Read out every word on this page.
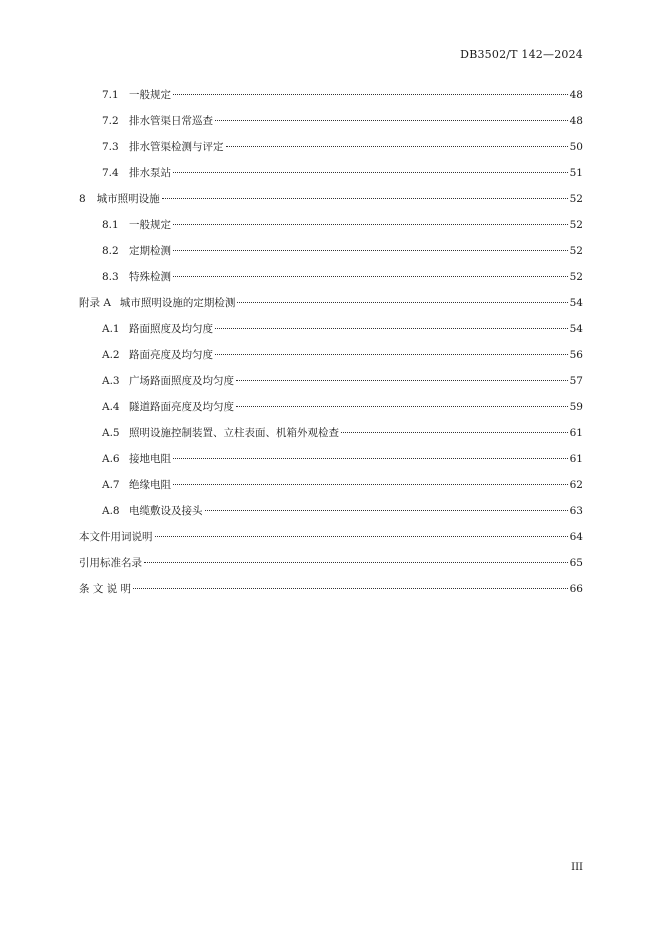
DB3502/T 142—2024
7.1 一般规定	48
7.2 排水管渠日常巡查	48
7.3 排水管渠检测与评定	50
7.4 排水泵站	51
8 城市照明设施	52
8.1 一般规定	52
8.2 定期检测	52
8.3 特殊检测	52
附录 A 城市照明设施的定期检测	54
A.1 路面照度及均匀度	54
A.2 路面亮度及均匀度	56
A.3 广场路面照度及均匀度	57
A.4 隧道路面亮度及均匀度	59
A.5 照明设施控制装置、立柱表面、机箱外观检查	61
A.6 接地电阻	61
A.7 绝缘电阻	62
A.8 电缆敷设及接头	63
本文件用词说明	64
引用标准名录	65
条 文 说 明	66
III
